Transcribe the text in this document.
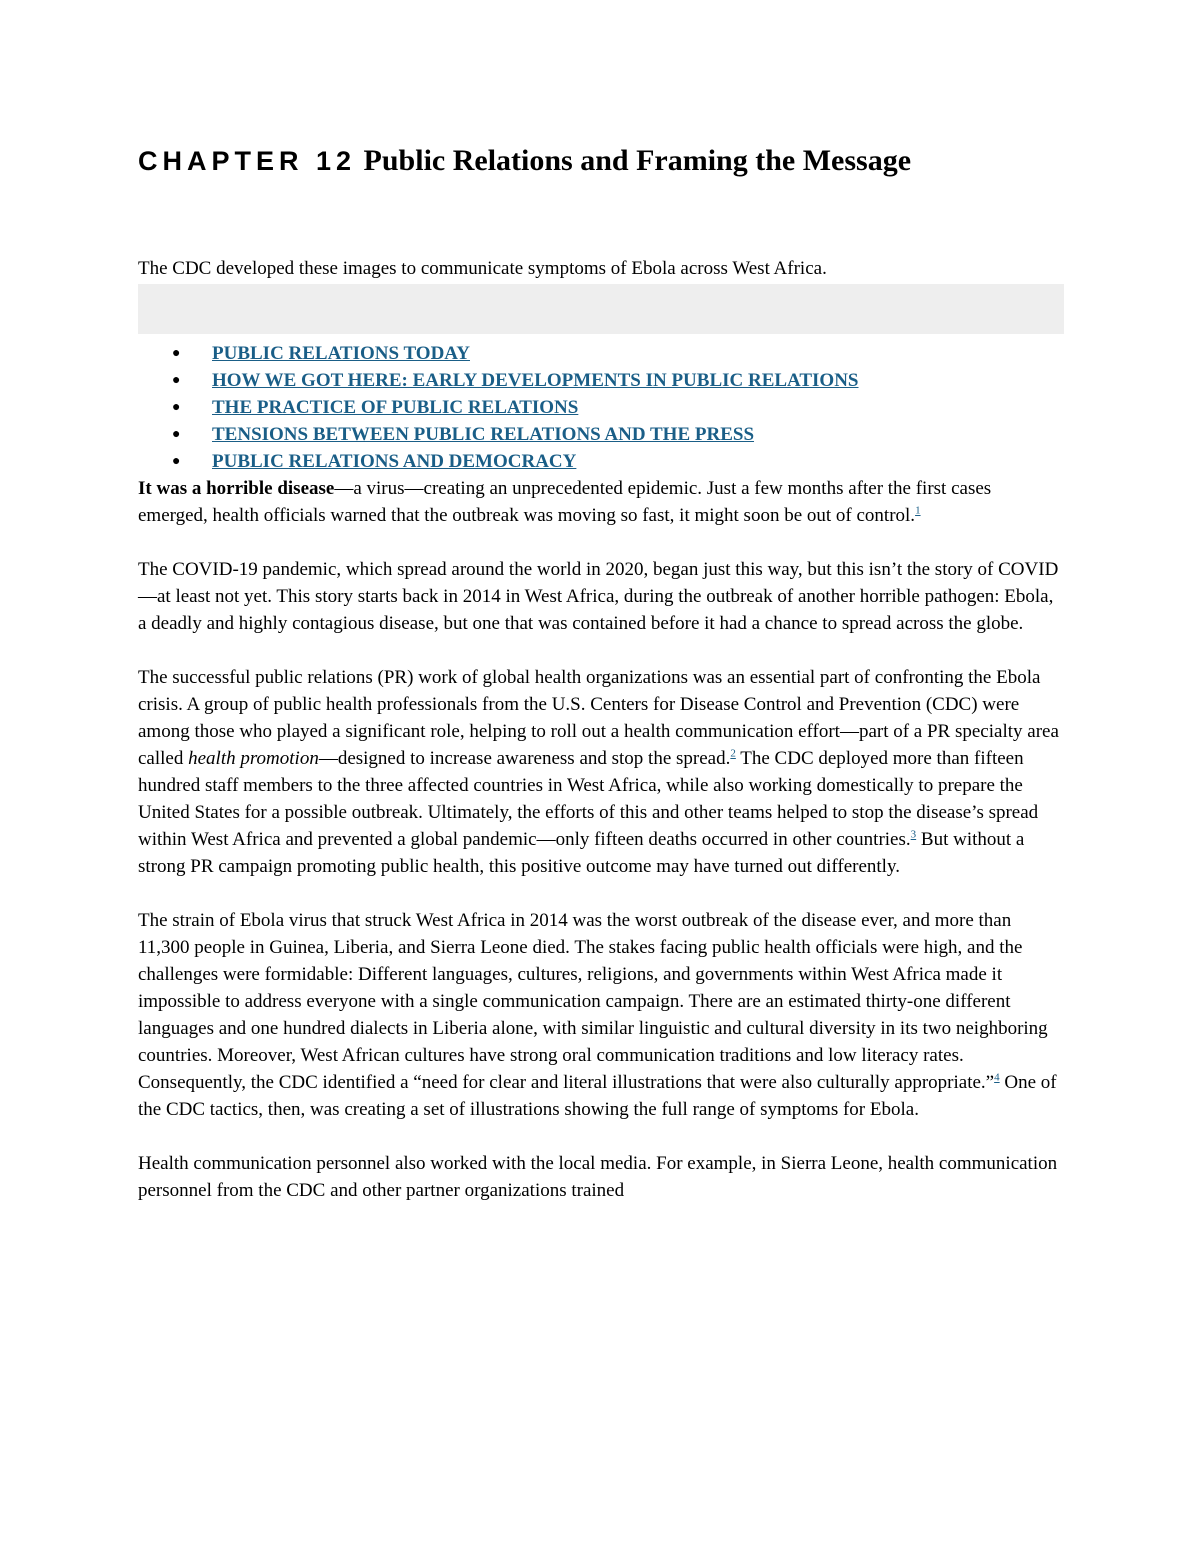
CHAPTER 12 Public Relations and Framing the Message

The CDC developed these images to communicate symptoms of Ebola across West Africa.

● PUBLIC RELATIONS TODAY
● HOW WE GOT HERE: EARLY DEVELOPMENTS IN PUBLIC RELATIONS
● THE PRACTICE OF PUBLIC RELATIONS
● TENSIONS BETWEEN PUBLIC RELATIONS AND THE PRESS
● PUBLIC RELATIONS AND DEMOCRACY

It was a horrible disease—a virus—creating an unprecedented epidemic. Just a few months after the first cases emerged, health officials warned that the outbreak was moving so fast, it might soon be out of control.$^1$

The COVID-19 pandemic, which spread around the world in 2020, began just this way, but this isn’t the story of COVID—at least not yet. This story starts back in 2014 in West Africa, during the outbreak of another horrible pathogen: Ebola, a deadly and highly contagious disease, but one that was contained before it had a chance to spread across the globe.

The successful public relations (PR) work of global health organizations was an essential part of confronting the Ebola crisis. A group of public health professionals from the U.S. Centers for Disease Control and Prevention (CDC) were among those who played a significant role, helping to roll out a health communication effort—part of a PR specialty area called health promotion—designed to increase awareness and stop the spread.$^2$ The CDC deployed more than fifteen hundred staff members to the three affected countries in West Africa, while also working domestically to prepare the United States for a possible outbreak. Ultimately, the efforts of this and other teams helped to stop the disease’s spread within West Africa and prevented a global pandemic—only fifteen deaths occurred in other countries.$^3$ But without a strong PR campaign promoting public health, this positive outcome may have turned out differently.

The strain of Ebola virus that struck West Africa in 2014 was the worst outbreak of the disease ever, and more than 11,300 people in Guinea, Liberia, and Sierra Leone died. The stakes facing public health officials were high, and the challenges were formidable: Different languages, cultures, religions, and governments within West Africa made it impossible to address everyone with a single communication campaign. There are an estimated thirty-one different languages and one hundred dialects in Liberia alone, with similar linguistic and cultural diversity in its two neighboring countries. Moreover, West African cultures have strong oral communication traditions and low literacy rates. Consequently, the CDC identified a “need for clear and literal illustrations that were also culturally appropriate.”$^4$ One of the CDC tactics, then, was creating a set of illustrations showing the full range of symptoms for Ebola.

Health communication personnel also worked with the local media. For example, in Sierra Leone, health communication personnel from the CDC and other partner organizations trained
